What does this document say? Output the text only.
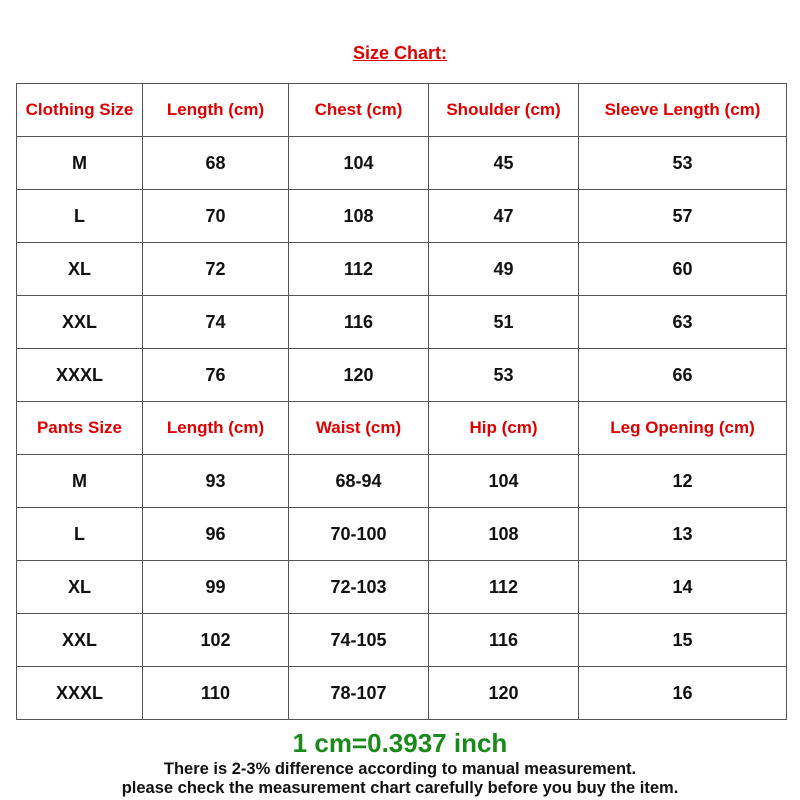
Size Chart:
Clothing Size	Length (cm)	Chest (cm)	Shoulder (cm)	Sleeve Length (cm)
M	68	104	45	53
L	70	108	47	57
XL	72	112	49	60
XXL	74	116	51	63
XXXL	76	120	53	66
Pants Size	Length (cm)	Waist (cm)	Hip (cm)	Leg Opening (cm)
M	93	68-94	104	12
L	96	70-100	108	13
XL	99	72-103	112	14
XXL	102	74-105	116	15
XXXL	110	78-107	120	16
1 cm=0.3937 inch
There is 2-3% difference according to manual measurement.
please check the measurement chart carefully before you buy the item.
